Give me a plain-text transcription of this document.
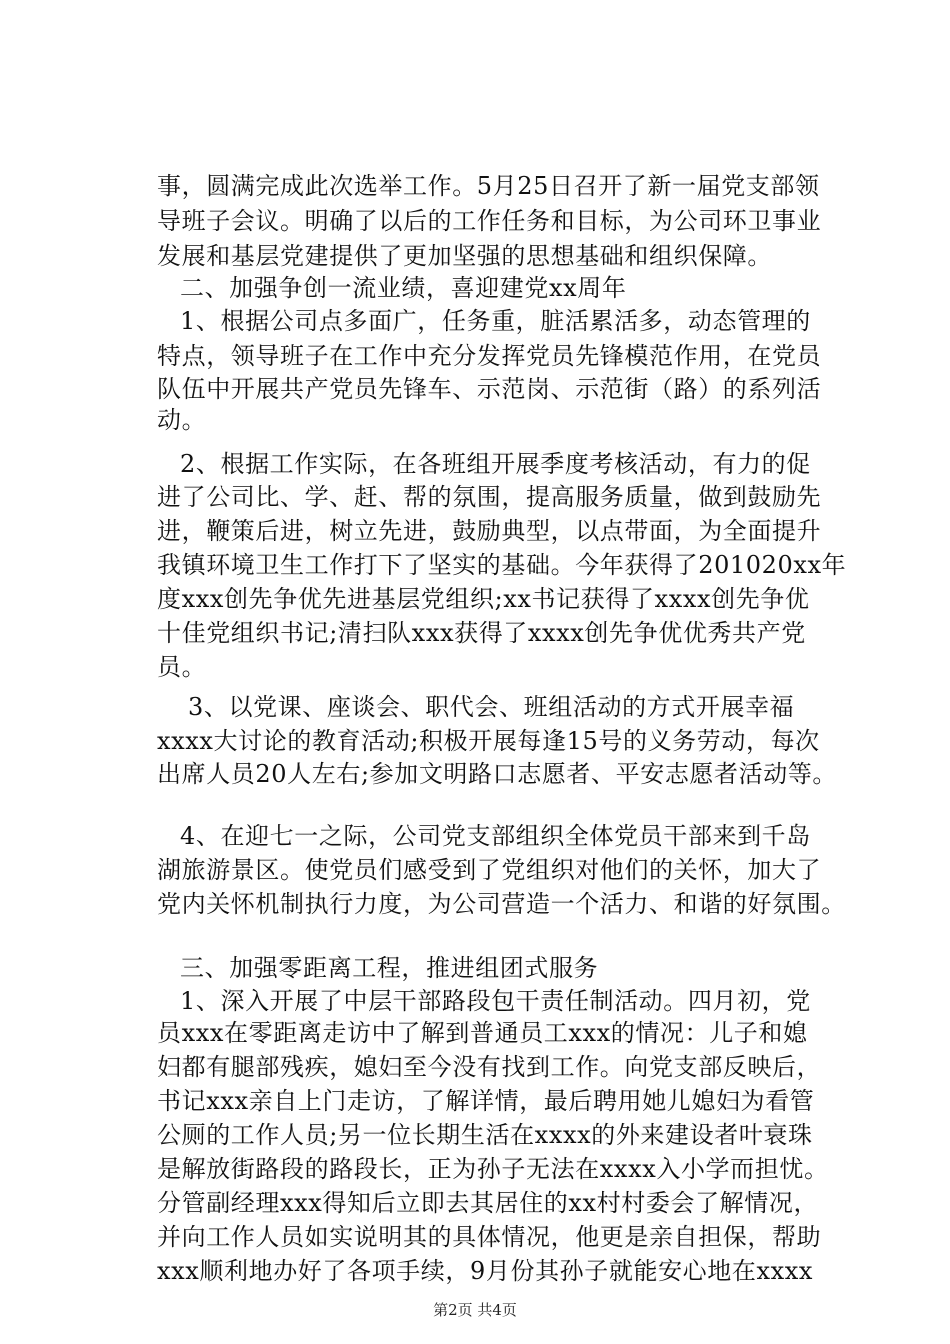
事，圆满完成此次选举工作。5月25日召开了新一届党支部领
导班子会议。明确了以后的工作任务和目标，为公司环卫事业
发展和基层党建提供了更加坚强的思想基础和组织保障。
二、加强争创一流业绩，喜迎建党xx周年
1、根据公司点多面广，任务重，脏活累活多，动态管理的
特点，领导班子在工作中充分发挥党员先锋模范作用，在党员
队伍中开展共产党员先锋车、示范岗、示范街（路）的系列活
动。
2、根据工作实际，在各班组开展季度考核活动，有力的促
进了公司比、学、赶、帮的氛围，提高服务质量，做到鼓励先
进，鞭策后进，树立先进，鼓励典型，以点带面，为全面提升
我镇环境卫生工作打下了坚实的基础。今年获得了201020xx年
度xxx创先争优先进基层党组织;xx书记获得了xxxx创先争优
十佳党组织书记;清扫队xxx获得了xxxx创先争优优秀共产党
员。
3、以党课、座谈会、职代会、班组活动的方式开展幸福
xxxx大讨论的教育活动;积极开展每逢15号的义务劳动，每次
出席人员20人左右;参加文明路口志愿者、平安志愿者活动等。
4、在迎七一之际，公司党支部组织全体党员干部来到千岛
湖旅游景区。使党员们感受到了党组织对他们的关怀，加大了
党内关怀机制执行力度，为公司营造一个活力、和谐的好氛围。
三、加强零距离工程，推进组团式服务
1、深入开展了中层干部路段包干责任制活动。四月初，党
员xxx在零距离走访中了解到普通员工xxx的情况：儿子和媳
妇都有腿部残疾，媳妇至今没有找到工作。向党支部反映后，
书记xxx亲自上门走访，了解详情，最后聘用她儿媳妇为看管
公厕的工作人员;另一位长期生活在xxxx的外来建设者叶衰珠
是解放街路段的路段长，正为孙子无法在xxxx入小学而担忧。
分管副经理xxx得知后立即去其居住的xx村村委会了解情况，
并向工作人员如实说明其的具体情况，他更是亲自担保，帮助
xxx顺利地办好了各项手续，9月份其孙子就能安心地在xxxx
第2页 共4页
